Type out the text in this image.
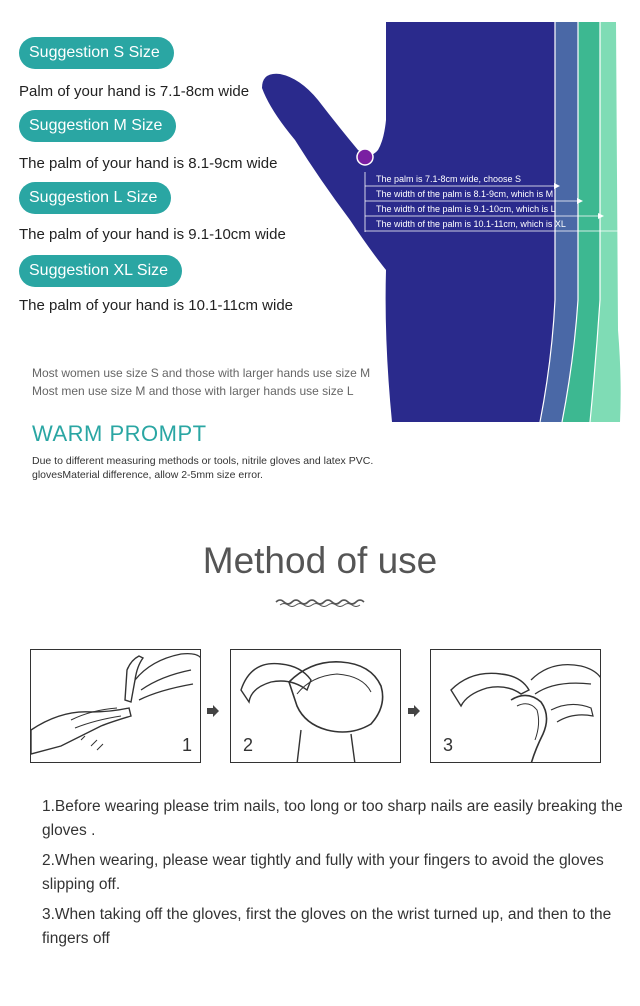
The palm is 7.1-8cm wide, choose S
The width of the palm is 8.1-9cm, which is M
The width of the palm is 9.1-10cm, which is L
The width of the palm is 10.1-11cm, which is XL
Suggestion S Size
Palm of your hand is 7.1-8cm wide
Suggestion M Size
The palm of your hand is 8.1-9cm wide
Suggestion L Size
The palm of your hand is 9.1-10cm wide
Suggestion XL Size
The palm of your hand is 10.1-11cm wide
Most women use size S and those with larger hands use size M
Most men use size M and those with larger hands use size L
WARM PROMPT
Due to different measuring methods or tools, nitrile gloves and latex PVC.
glovesMaterial difference, allow 2-5mm size error.
Method of use
1	2	3
1.Before wearing please trim nails, too long or too sharp nails are easily breaking the gloves .
2.When wearing, please wear tightly and fully with your fingers to avoid the gloves slipping off.
3.When taking off the gloves, first the gloves on the wrist turned up, and then to the fingers off
